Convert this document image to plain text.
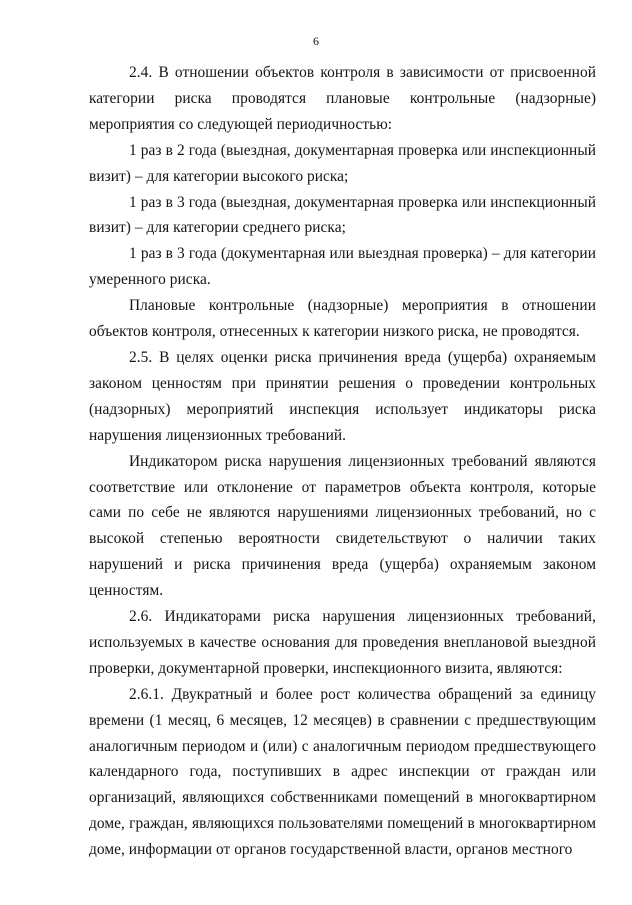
6

2.4. В отношении объектов контроля в зависимости от присвоенной категории риска проводятся плановые контрольные (надзорные) мероприятия со следующей периодичностью:

1 раз в 2 года (выездная, документарная проверка или инспекционный визит) – для категории высокого риска;

1 раз в 3 года (выездная, документарная проверка или инспекционный визит) – для категории среднего риска;

1 раз в 3 года (документарная или выездная проверка) – для категории умеренного риска.

Плановые контрольные (надзорные) мероприятия в отношении объектов контроля, отнесенных к категории низкого риска, не проводятся.

2.5. В целях оценки риска причинения вреда (ущерба) охраняемым законом ценностям при принятии решения о проведении контрольных (надзорных) мероприятий инспекция использует индикаторы риска нарушения лицензионных требований.

Индикатором риска нарушения лицензионных требований являются соответствие или отклонение от параметров объекта контроля, которые сами по себе не являются нарушениями лицензионных требований, но с высокой степенью вероятности свидетельствуют о наличии таких нарушений и риска причинения вреда (ущерба) охраняемым законом ценностям.

2.6. Индикаторами риска нарушения лицензионных требований, используемых в качестве основания для проведения внеплановой выездной проверки, документарной проверки, инспекционного визита, являются:

2.6.1. Двукратный и более рост количества обращений за единицу времени (1 месяц, 6 месяцев, 12 месяцев) в сравнении с предшествующим аналогичным периодом и (или) с аналогичным периодом предшествующего календарного года, поступивших в адрес инспекции от граждан или организаций, являющихся собственниками помещений в многоквартирном доме, граждан, являющихся пользователями помещений в многоквартирном доме, информации от органов государственной власти, органов местного
